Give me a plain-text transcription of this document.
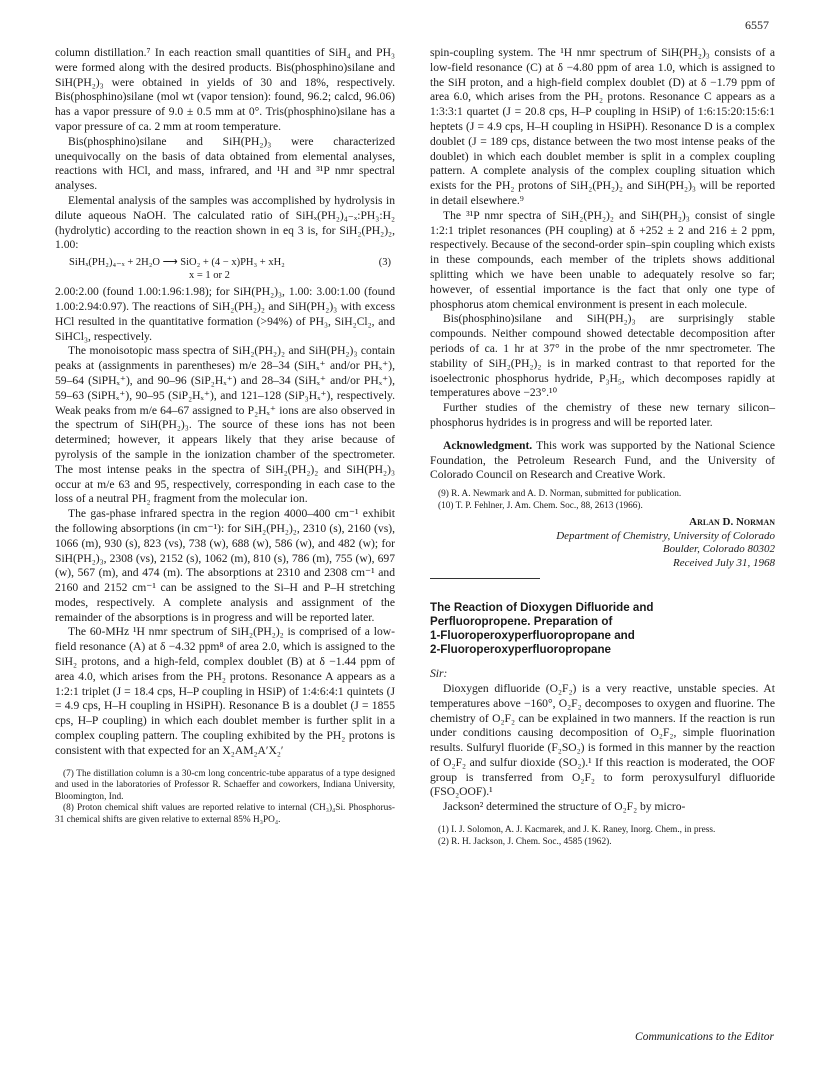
6557

column distillation.⁷ In each reaction small quantities of SiH₄ and PH₃ were formed along with the desired products. Bis(phosphino)silane and SiH(PH₂)₃ were obtained in yields of 30 and 18%, respectively. Bis(phosphino)silane (mol wt (vapor tension): found, 96.2; calcd, 96.06) has a vapor pressure of 9.0 ± 0.5 mm at 0°. Tris(phosphino)silane has a vapor pressure of ca. 2 mm at room temperature.

Bis(phosphino)silane and SiH(PH₂)₃ were characterized unequivocally on the basis of data obtained from elemental analyses, reactions with HCl, and mass, infrared, and ¹H and ³¹P nmr spectral analyses.

Elemental analysis of the samples was accomplished by hydrolysis in dilute aqueous NaOH. The calculated ratio of SiHₓ(PH₂)₄₋ₓ:PH₃:H₂ (hydrolytic) according to the reaction shown in eq 3 is, for SiH₂(PH₂)₂, 1.00:

(3)
SiHₓ(PH₂)₄₋ₓ + 2H₂O ⟶ SiO₂ + (4 − x)PH₃ + xH₂
x = 1 or 2

2.00:2.00 (found 1.00:1.96:1.98); for SiH(PH₂)₃, 1.00: 3.00:1.00 (found 1.00:2.94:0.97). The reactions of SiH₂(PH₂)₂ and SiH(PH₂)₃ with excess HCl resulted in the quantitative formation (>94%) of PH₃, SiH₂Cl₂, and SiHCl₃, respectively.

The monoisotopic mass spectra of SiH₂(PH₂)₂ and SiH(PH₂)₃ contain peaks at (assignments in parentheses) m/e 28–34 (SiHₓ⁺ and/or PHₓ⁺), 59–64 (SiPHₓ⁺), and 90–96 (SiP₂Hₓ⁺) and 28–34 (SiHₓ⁺ and/or PHₓ⁺), 59–63 (SiPHₓ⁺), 90–95 (SiP₂Hₓ⁺), and 121–128 (SiP₃Hₓ⁺), respectively. Weak peaks from m/e 64–67 assigned to P₂Hₓ⁺ ions are also observed in the spectrum of SiH(PH₂)₃. The source of these ions has not been determined; however, it appears likely that they arise because of pyrolysis of the sample in the ionization chamber of the spectrometer. The most intense peaks in the spectra of SiH₂(PH₂)₂ and SiH(PH₂)₃ occur at m/e 63 and 95, respectively, corresponding in each case to the loss of a neutral PH₂ fragment from the molecular ion.

The gas-phase infrared spectra in the region 4000–400 cm⁻¹ exhibit the following absorptions (in cm⁻¹): for SiH₂(PH₂)₂, 2310 (s), 2160 (vs), 1066 (m), 930 (s), 823 (vs), 738 (w), 688 (w), 586 (w), and 482 (w); for SiH(PH₂)₃, 2308 (vs), 2152 (s), 1062 (m), 810 (s), 786 (m), 755 (w), 697 (w), 567 (m), and 474 (m). The absorptions at 2310 and 2308 cm⁻¹ and 2160 and 2152 cm⁻¹ can be assigned to the Si–H and P–H stretching modes, respectively. A complete analysis and assignment of the remainder of the absorptions is in progress and will be reported later.

The 60-MHz ¹H nmr spectrum of SiH₂(PH₂)₂ is comprised of a low-field resonance (A) at δ −4.32 ppm⁸ of area 2.0, which is assigned to the SiH₂ protons, and a high-feld, complex doublet (B) at δ −1.44 ppm of area 4.0, which arises from the PH₂ protons. Resonance A appears as a 1:2:1 triplet (J = 18.4 cps, H–P coupling in HSiP) of 1:4:6:4:1 quintets (J = 4.9 cps, H–H coupling in HSiPH). Resonance B is a doublet (J = 1855 cps, H–P coupling) in which each doublet member is further split in a complex coupling pattern. The coupling exhibited by the PH₂ protons is consistent with that expected for an X₂AM₂A′X₂′

(7) The distillation column is a 30-cm long concentric-tube apparatus of a type designed and used in the laboratories of Professor R. Schaeffer and coworkers, Indiana University, Bloomington, Ind.

(8) Proton chemical shift values are reported relative to internal (CH₃)₄Si. Phosphorus-31 chemical shifts are given relative to external 85% H₃PO₄.

spin-coupling system. The ¹H nmr spectrum of SiH(PH₂)₃ consists of a low-field resonance (C) at δ −4.80 ppm of area 1.0, which is assigned to the SiH proton, and a high-field complex doublet (D) at δ −1.79 ppm of area 6.0, which arises from the PH₂ protons. Resonance C appears as a 1:3:3:1 quartet (J = 20.8 cps, H–P coupling in HSiP) of 1:6:15:20:15:6:1 heptets (J = 4.9 cps, H–H coupling in HSiPH). Resonance D is a complex doublet (J = 189 cps, distance between the two most intense peaks of the doublet) in which each doublet member is split in a complex coupling pattern. A complete analysis of the complex coupling situation which exists for the PH₂ protons of SiH₂(PH₂)₂ and SiH(PH₂)₃ will be reported in detail elsewhere.⁹

The ³¹P nmr spectra of SiH₂(PH₂)₂ and SiH(PH₂)₃ consist of single 1:2:1 triplet resonances (PH coupling) at δ +252 ± 2 and 216 ± 2 ppm, respectively. Because of the second-order spin–spin coupling which exists in these compounds, each member of the triplets shows additional splitting which we have been unable to adequately resolve so far; however, of essential importance is the fact that only one type of phosphorus atom chemical environment is present in each molecule.

Bis(phosphino)silane and SiH(PH₂)₃ are surprisingly stable compounds. Neither compound showed detectable decomposition after periods of ca. 1 hr at 37° in the probe of the nmr spectrometer. The stability of SiH₂(PH₂)₂ is in marked contrast to that reported for the isoelectronic phosphorus hydride, P₃H₅, which decomposes rapidly at temperatures above −23°.¹⁰

Further studies of the chemistry of these new ternary silicon–phosphorus hydrides is in progress and will be reported later.

Acknowledgment. This work was supported by the National Science Foundation, the Petroleum Research Fund, and the University of Colorado Council on Research and Creative Work.

(9) R. A. Newmark and A. D. Norman, submitted for publication.

(10) T. P. Fehlner, J. Am. Chem. Soc., 88, 2613 (1966).

Arlan D. Norman
Department of Chemistry, University of Colorado
Boulder, Colorado 80302
Received July 31, 1968
The Reaction of Dioxygen Difluoride and
Perfluoropropene. Preparation of
1-Fluoroperoxyperfluoropropane and
2-Fluoroperoxyperfluoropropane

Sir:

Dioxygen difluoride (O₂F₂) is a very reactive, unstable species. At temperatures above −160°, O₂F₂ decomposes to oxygen and fluorine. The chemistry of O₂F₂ can be explained in two manners. If the reaction is run under conditions causing decomposition of O₂F₂, simple fluorination results. Sulfuryl fluoride (F₂SO₂) is formed in this manner by the reaction of O₂F₂ and sulfur dioxide (SO₂).¹ If this reaction is moderated, the OOF group is transferred from O₂F₂ to form peroxysulfuryl difluoride (FSO₂OOF).¹

Jackson² determined the structure of O₂F₂ by micro-

(1) I. J. Solomon, A. J. Kacmarek, and J. K. Raney, Inorg. Chem., in press.

(2) R. H. Jackson, J. Chem. Soc., 4585 (1962).

Communications to the Editor
